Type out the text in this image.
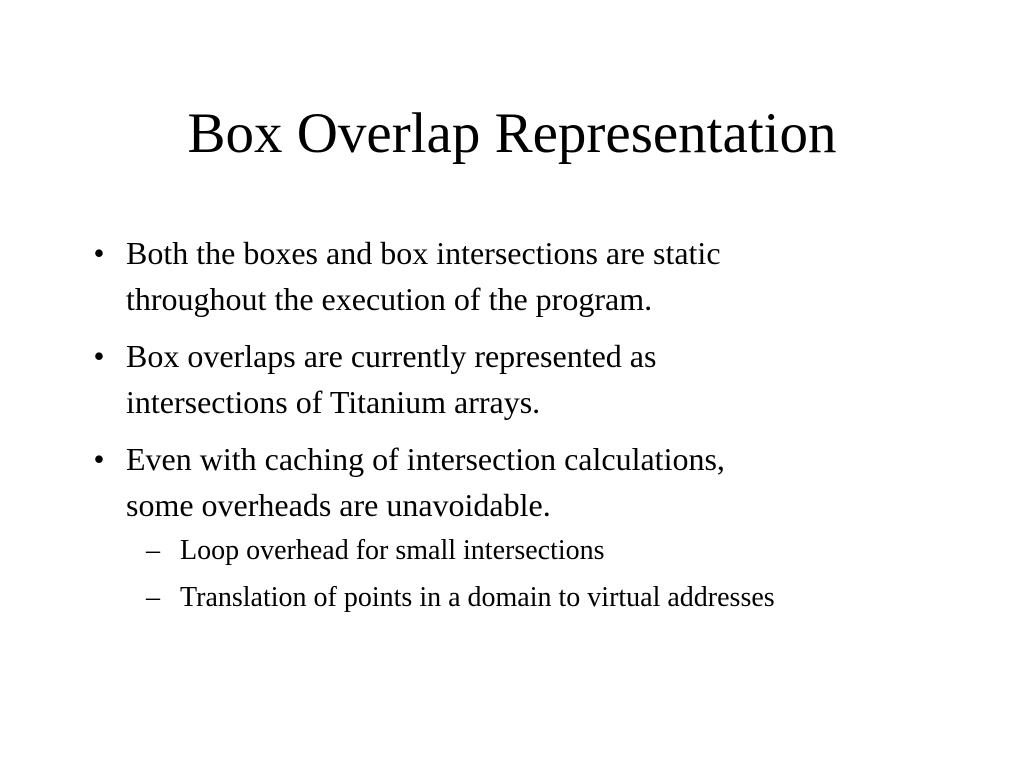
Box Overlap Representation
• Both the boxes and box intersections are static
throughout the execution of the program.
• Box overlaps are currently represented as
intersections of Titanium arrays.
• Even with caching of intersection calculations,
some overheads are unavoidable.
– Loop overhead for small intersections
– Translation of points in a domain to virtual addresses
